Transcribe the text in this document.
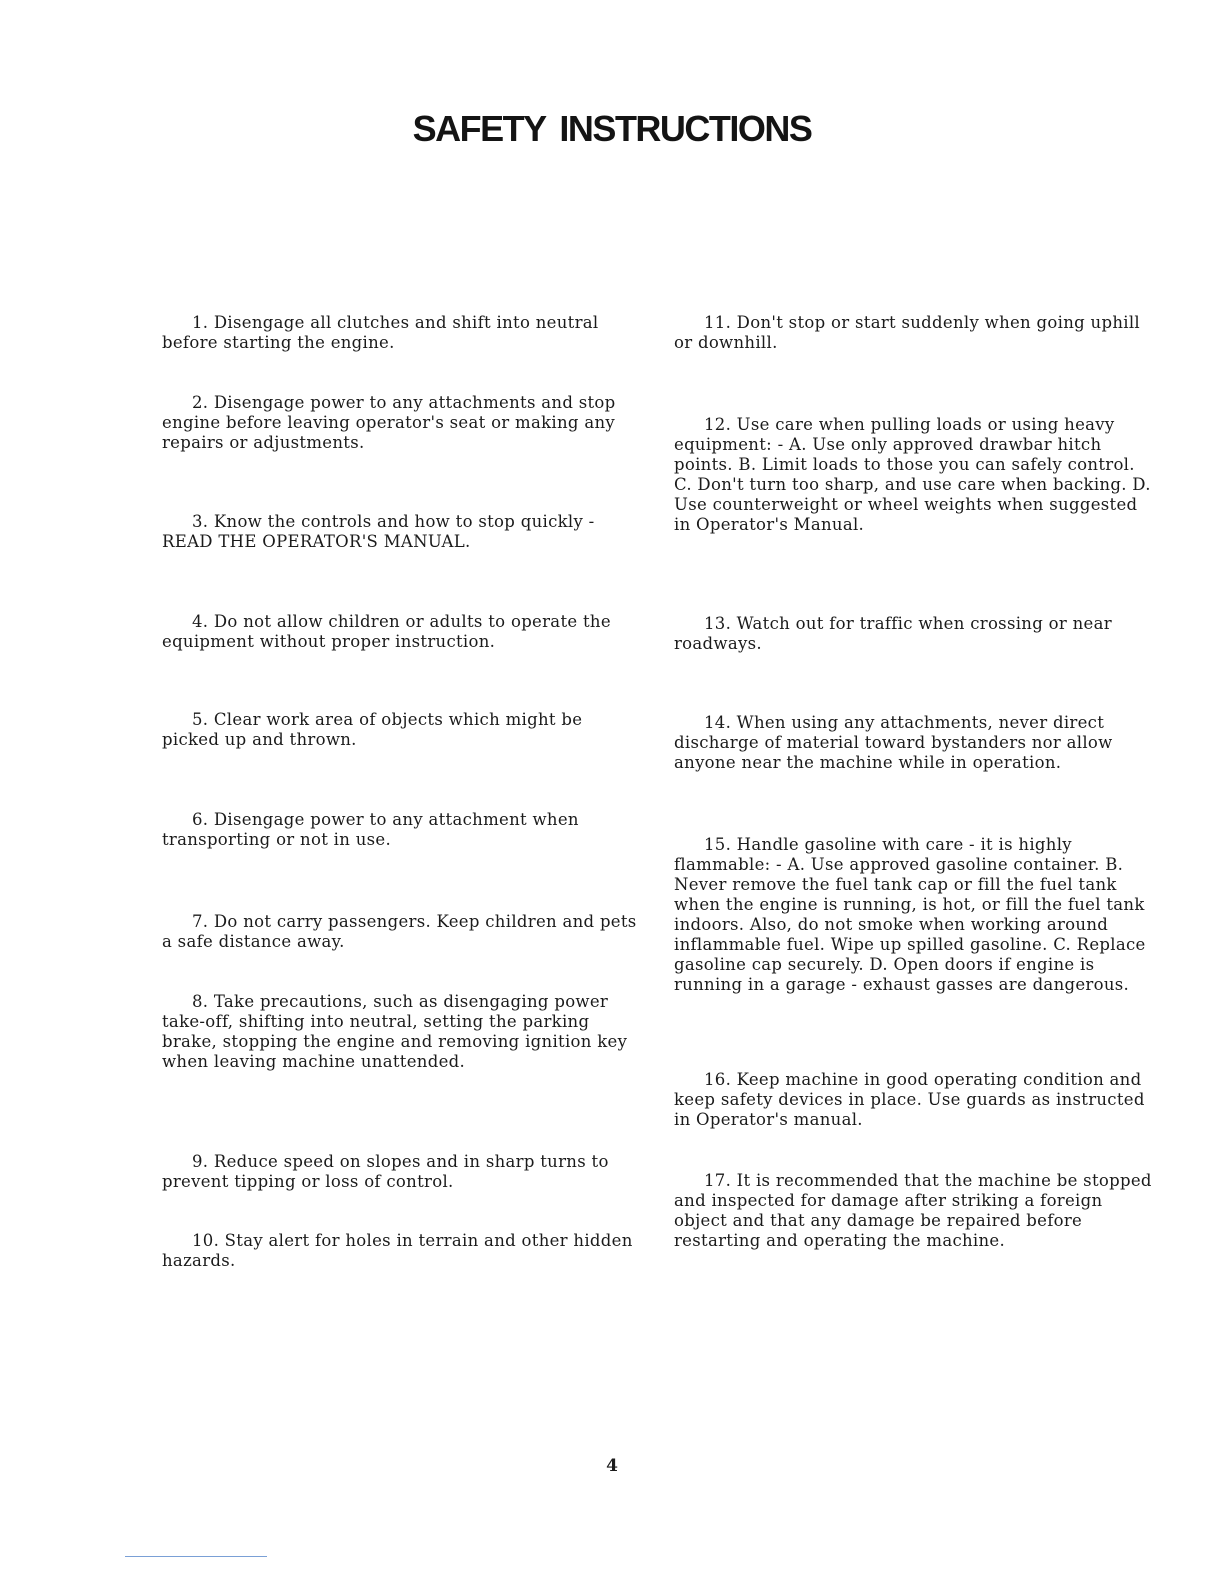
SAFETY INSTRUCTIONS

1. Disengage all clutches and shift into neutral before starting the engine.

2. Disengage power to any attachments and stop engine before leaving operator's seat or making any repairs or adjustments.

3. Know the controls and how to stop quickly - READ THE OPERATOR'S MANUAL.

4. Do not allow children or adults to operate the equipment without proper instruction.

5. Clear work area of objects which might be picked up and thrown.

6. Disengage power to any attachment when transporting or not in use.

7. Do not carry passengers. Keep children and pets a safe distance away.

8. Take precautions, such as disengaging power take-off, shifting into neutral, setting the parking brake, stopping the engine and removing ignition key when leaving machine unattended.

9. Reduce speed on slopes and in sharp turns to prevent tipping or loss of control.

10. Stay alert for holes in terrain and other hidden hazards.

11. Don't stop or start suddenly when going uphill or downhill.

12. Use care when pulling loads or using heavy equipment: - A. Use only approved drawbar hitch points. B. Limit loads to those you can safely control. C. Don't turn too sharp, and use care when backing. D. Use counterweight or wheel weights when suggested in Operator's Manual.

13. Watch out for traffic when crossing or near roadways.

14. When using any attachments, never direct discharge of material toward bystanders nor allow anyone near the machine while in operation.

15. Handle gasoline with care - it is highly flammable: - A. Use approved gasoline container. B. Never remove the fuel tank cap or fill the fuel tank when the engine is running, is hot, or fill the fuel tank indoors. Also, do not smoke when working around inflammable fuel. Wipe up spilled gasoline. C. Replace gasoline cap securely. D. Open doors if engine is running in a garage - exhaust gasses are dangerous.

16. Keep machine in good operating condition and keep safety devices in place. Use guards as instructed in Operator's manual.

17. It is recommended that the machine be stopped and inspected for damage after striking a foreign object and that any damage be repaired before restarting and operating the machine.

4
